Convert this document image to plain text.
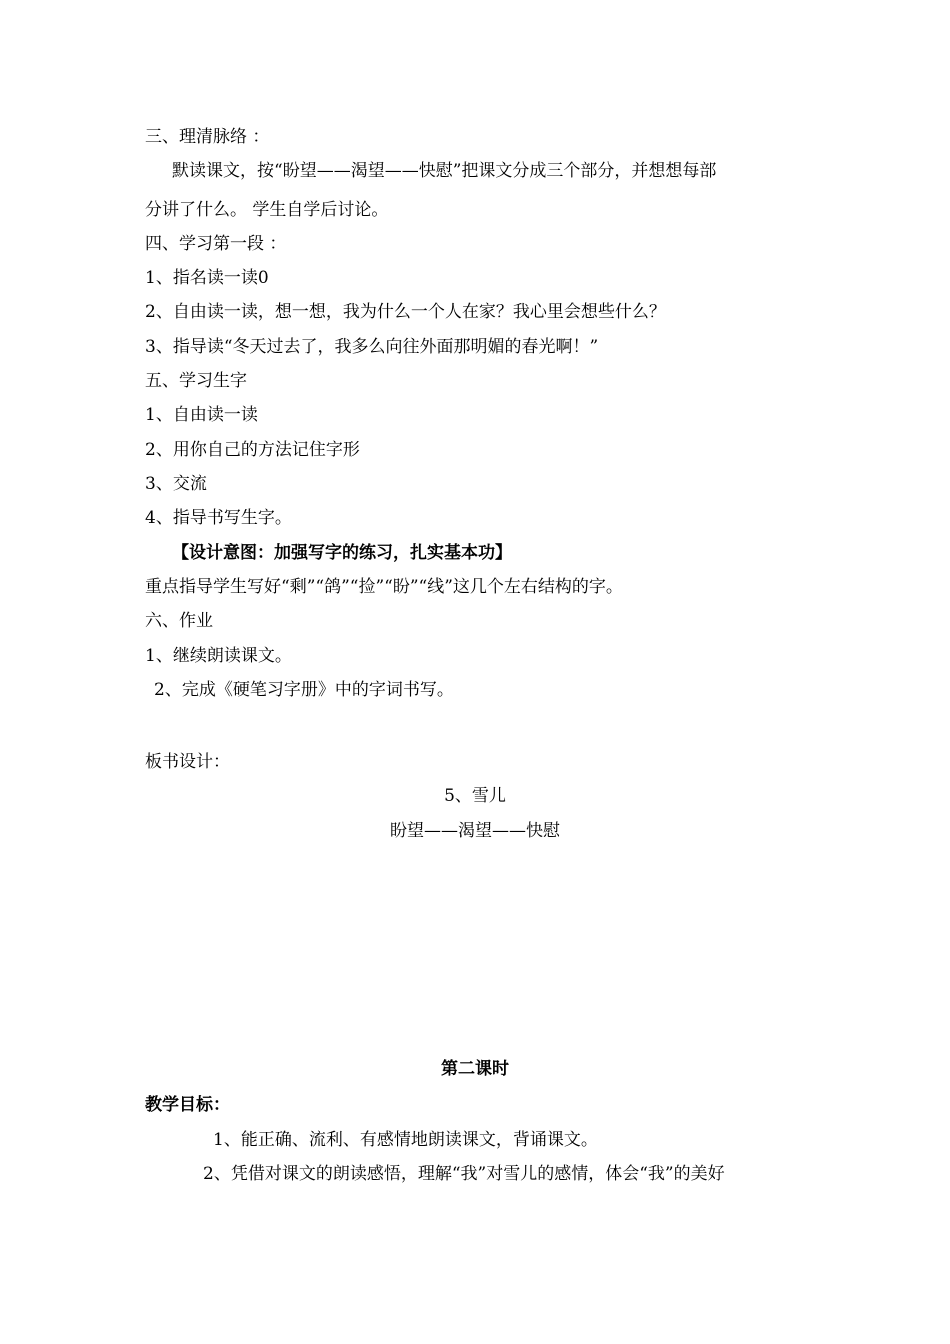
三、理清脉络 ：
默读课文，按“盼望——渴望——快慰”把课文分成三个部分，并想想每部
分讲了什么。 学生自学后讨论。
四、学习第一段 ：
1、指名读一读0
2、自由读一读，想一想，我为什么一个人在家？我心里会想些什么？
3、指导读“冬天过去了，我多么向往外面那明媚的春光啊！”
五、学习生字
1、自由读一读
2、用你自己的方法记住字形
3、交流
4、指导书写生字。
【设计意图：加强写字的练习，扎实基本功】
重点指导学生写好“剩”“鸽”“捡”“盼”“线”这几个左右结构的字。
六、作业
1、继续朗读课文。
2、完成《硬笔习字册》中的字词书写。
板书设计：
5、雪儿
盼望——渴望——快慰
第二课时
教学目标：
1、能正确、流利、有感情地朗读课文，背诵课文。
2、凭借对课文的朗读感悟，理解“我”对雪儿的感情，体会“我”的美好
